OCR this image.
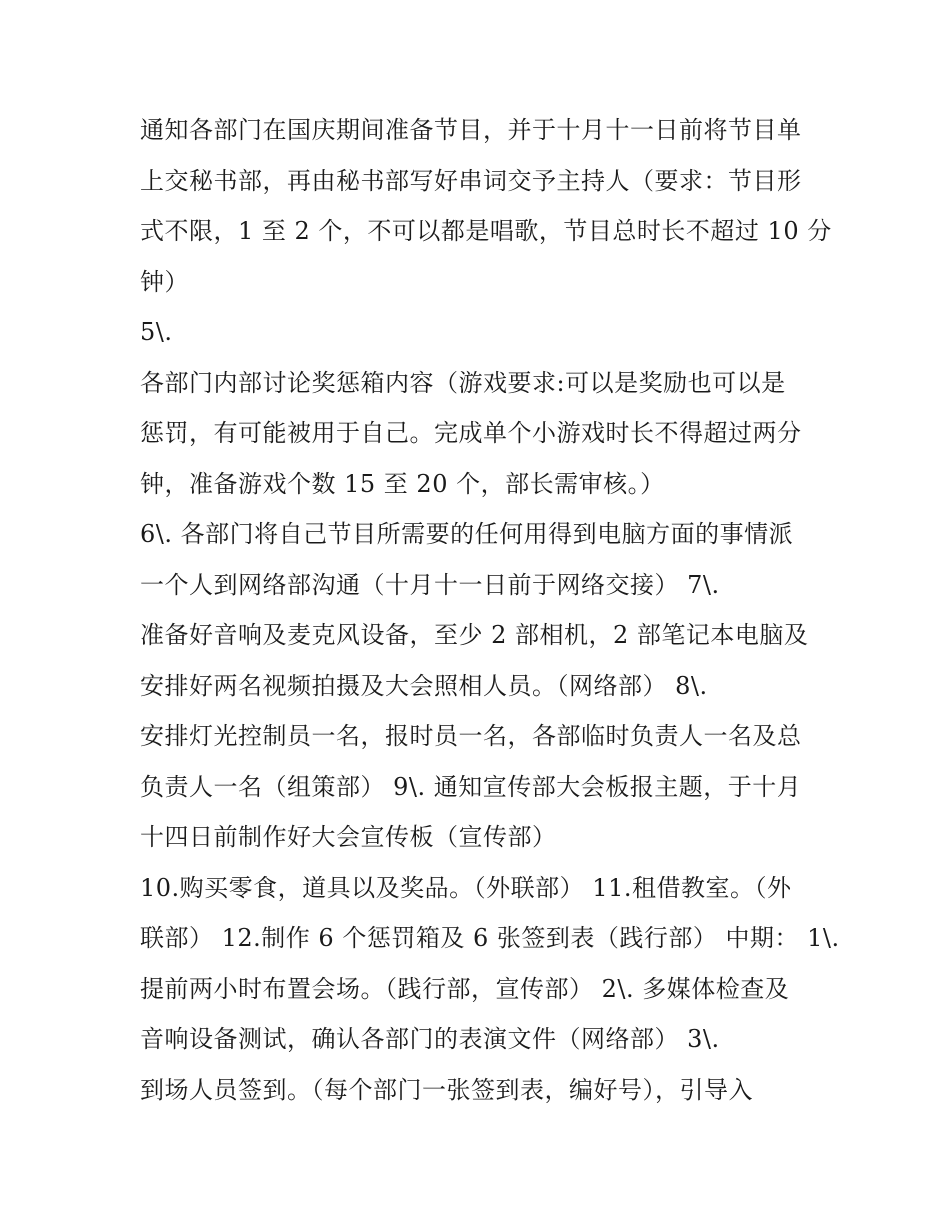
通知各部门在国庆期间准备节目，并于十月十一日前将节目单
上交秘书部，再由秘书部写好串词交予主持人（要求：节目形
式不限，1 至 2 个，不可以都是唱歌，节目总时长不超过 10 分
钟）
5\.
各部门内部讨论奖惩箱内容（游戏要求:可以是奖励也可以是
惩罚，有可能被用于自己。完成单个小游戏时长不得超过两分
钟，准备游戏个数 15 至 20 个，部长需审核。）
6\. 各部门将自己节目所需要的任何用得到电脑方面的事情派
一个人到网络部沟通（十月十一日前于网络交接） 7\.
准备好音响及麦克风设备，至少 2 部相机，2 部笔记本电脑及
安排好两名视频拍摄及大会照相人员。（网络部） 8\.
安排灯光控制员一名，报时员一名，各部临时负责人一名及总
负责人一名（组策部） 9\. 通知宣传部大会板报主题，于十月
十四日前制作好大会宣传板（宣传部）
10.购买零食，道具以及奖品。（外联部） 11.租借教室。（外
联部） 12.制作 6 个惩罚箱及 6 张签到表（践行部） 中期： 1\.
提前两小时布置会场。（践行部，宣传部） 2\. 多媒体检查及
音响设备测试，确认各部门的表演文件（网络部） 3\.
到场人员签到。（每个部门一张签到表，编好号），引导入
